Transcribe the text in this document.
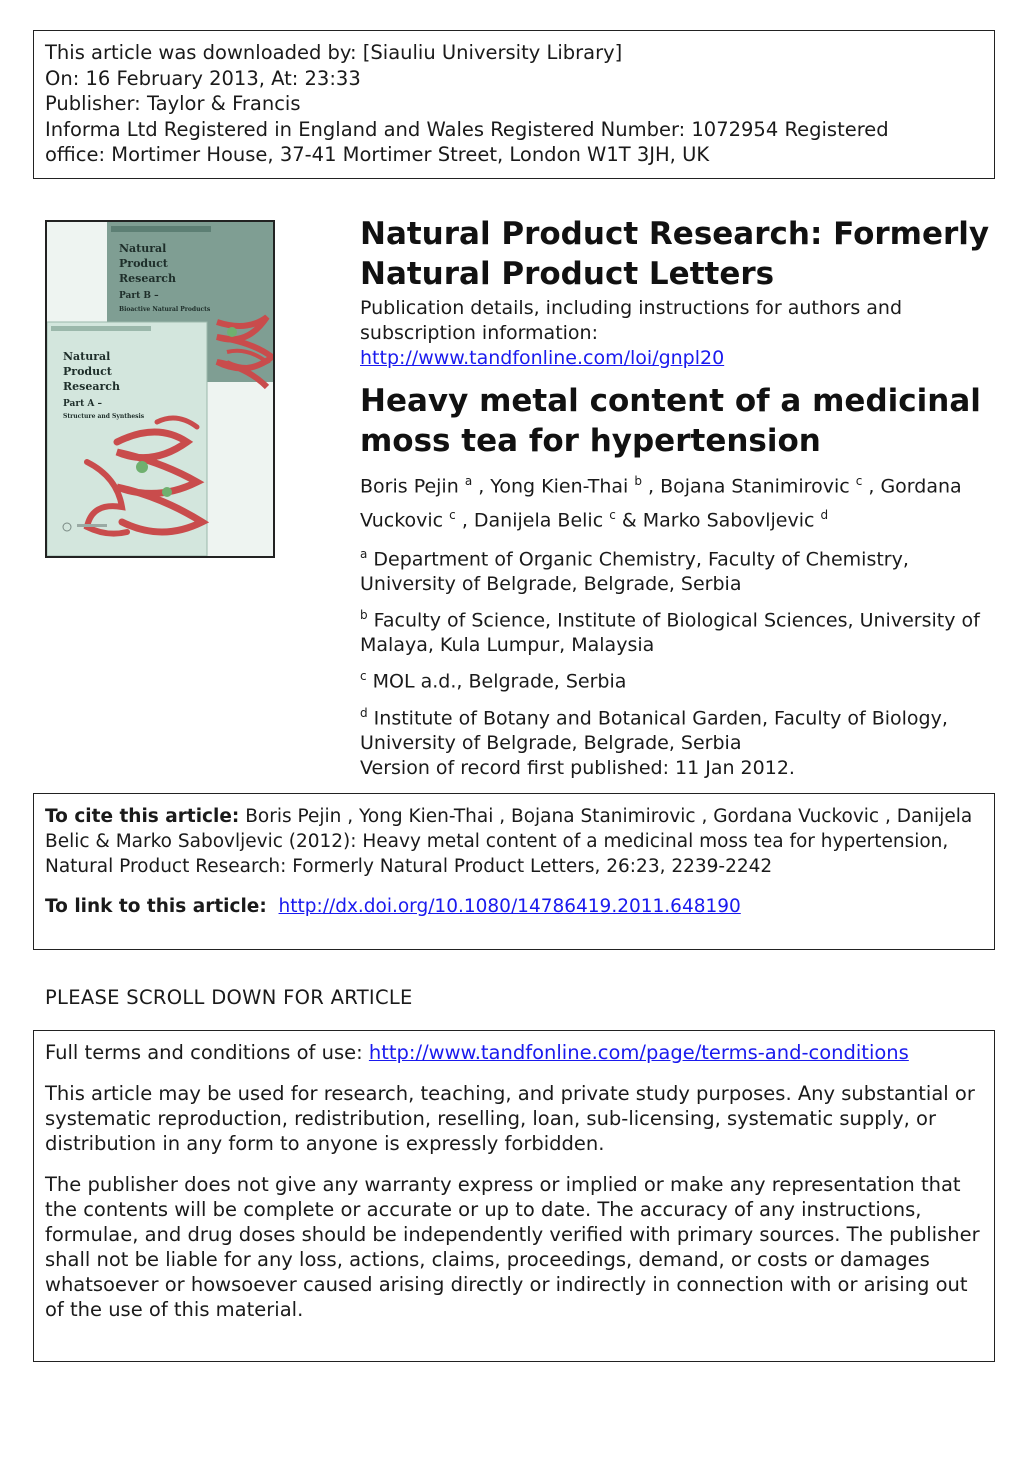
This article was downloaded by: [Siauliu University Library]
On: 16 February 2013, At: 23:33
Publisher: Taylor & Francis
Informa Ltd Registered in England and Wales Registered Number: 1072954 Registered
office: Mortimer House, 37-41 Mortimer Street, London W1T 3JH, UK
Natural Product Research Part B – Bioactive Natural Products
Natural Product Research Part A – Structure and Synthesis
Natural Product Research: Formerly
Natural Product Letters
Publication details, including instructions for authors and subscription information:
http://www.tandfonline.com/loi/gnpl20
Heavy metal content of a medicinal
moss tea for hypertension
Boris Pejin $^a$ , Yong Kien-Thai $^b$ , Bojana Stanimirovic $^c$ , Gordana Vuckovic $^c$ , Danijela Belic $^c$ & Marko Sabovljevic $^d$
$^a$ Department of Organic Chemistry, Faculty of Chemistry, University of Belgrade, Belgrade, Serbia
$^b$ Faculty of Science, Institute of Biological Sciences, University of Malaya, Kula Lumpur, Malaysia
$^c$ MOL a.d., Belgrade, Serbia
$^d$ Institute of Botany and Botanical Garden, Faculty of Biology, University of Belgrade, Belgrade, Serbia
Version of record first published: 11 Jan 2012.
To cite this article: Boris Pejin , Yong Kien-Thai , Bojana Stanimirovic , Gordana Vuckovic , Danijela Belic & Marko Sabovljevic (2012): Heavy metal content of a medicinal moss tea for hypertension, Natural Product Research: Formerly Natural Product Letters, 26:23, 2239-2242
To link to this article: http://dx.doi.org/10.1080/14786419.2011.648190
PLEASE SCROLL DOWN FOR ARTICLE

Full terms and conditions of use: http://www.tandfonline.com/page/terms-and-conditions

This article may be used for research, teaching, and private study purposes. Any substantial or systematic reproduction, redistribution, reselling, loan, sub-licensing, systematic supply, or distribution in any form to anyone is expressly forbidden.

The publisher does not give any warranty express or implied or make any representation that the contents will be complete or accurate or up to date. The accuracy of any instructions, formulae, and drug doses should be independently verified with primary sources. The publisher shall not be liable for any loss, actions, claims, proceedings, demand, or costs or damages whatsoever or howsoever caused arising directly or indirectly in connection with or arising out of the use of this material.
